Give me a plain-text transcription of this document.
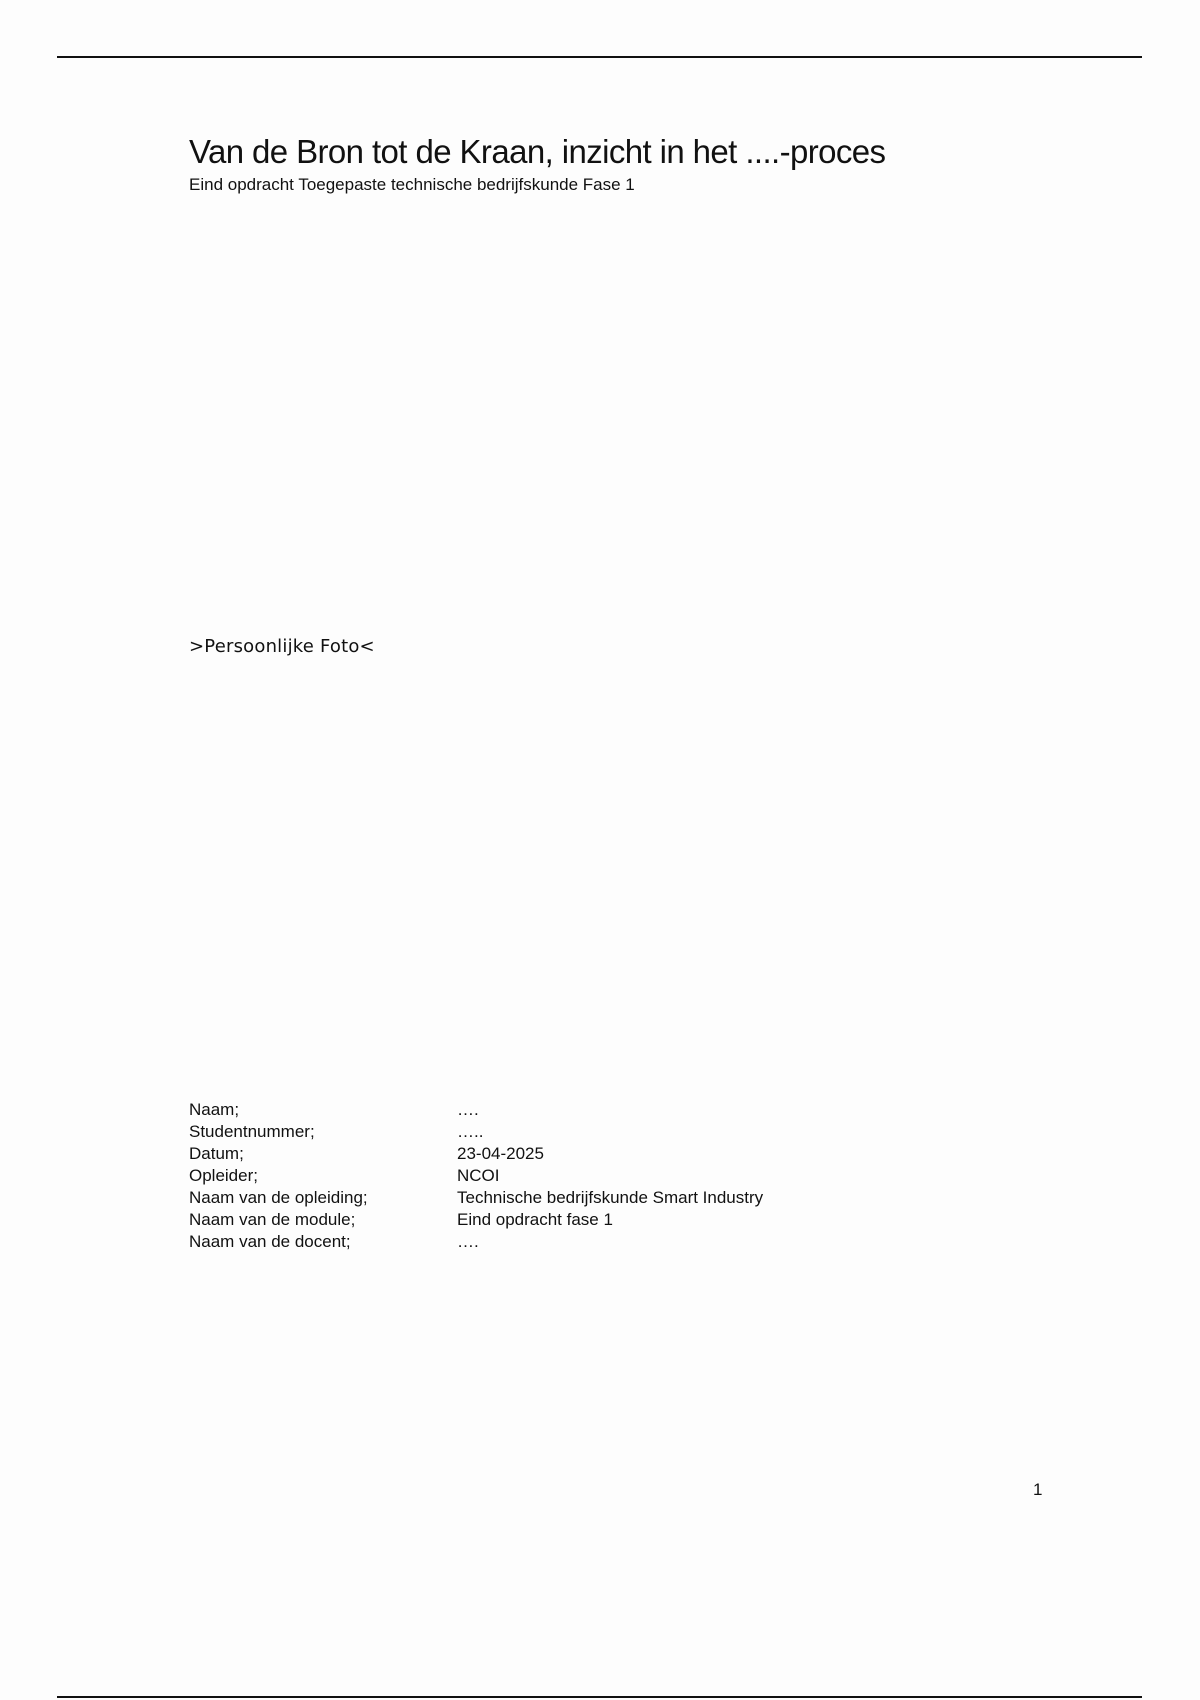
Van de Bron tot de Kraan, inzicht in het ....-proces

Eind opdracht Toegepaste technische bedrijfskunde Fase 1

>Persoonlijke Foto<
Naam;	….
Studentnummer;	…..
Datum;	23-04-2025
Opleider;	NCOI
Naam van de opleiding;	Technische bedrijfskunde Smart Industry
Naam van de module;	Eind opdracht fase 1
Naam van de docent;	….
1
